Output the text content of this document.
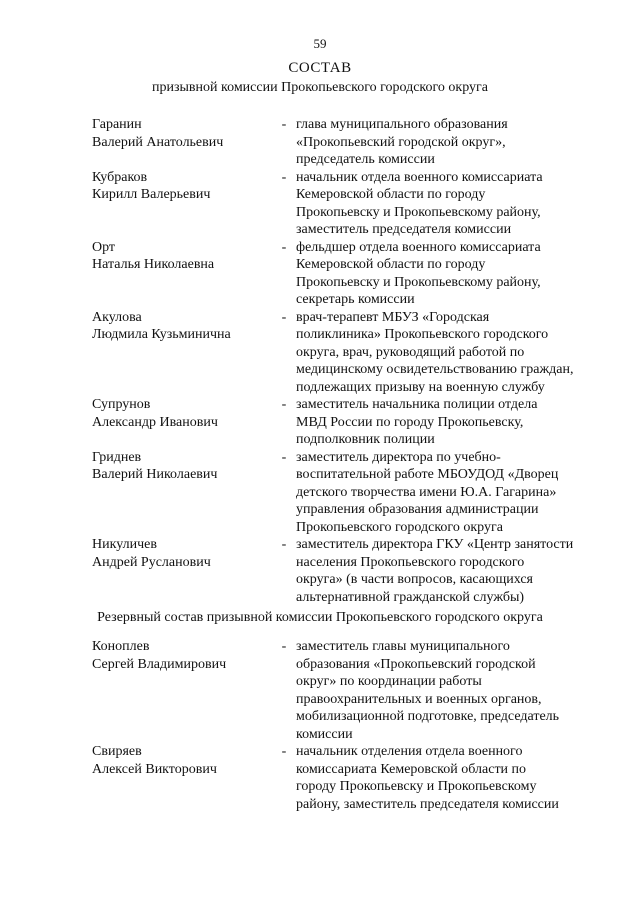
59
СОСТАВ
призывной комиссии Прокопьевского городского округа
Гаранин
Валерий Анатольевич
- глава муниципального образования
«Прокопьевский городской округ»,
председатель комиссии
Кубраков
Кирилл Валерьевич
- начальник отдела военного комиссариата
Кемеровской области по городу
Прокопьевску и Прокопьевскому району,
заместитель председателя комиссии
Орт
Наталья Николаевна
- фельдшер отдела военного комиссариата
Кемеровской области по городу
Прокопьевску и Прокопьевскому району,
секретарь комиссии
Акулова
Людмила Кузьминична
- врач-терапевт МБУЗ «Городская
поликлиника» Прокопьевского городского
округа, врач, руководящий работой по
медицинскому освидетельствованию граждан,
подлежащих призыву на военную службу
Супрунов
Александр Иванович
- заместитель начальника полиции отдела
МВД России по городу Прокопьевску,
подполковник полиции
Гриднев
Валерий Николаевич
- заместитель директора по учебно-
воспитательной работе МБОУДОД «Дворец
детского творчества имени Ю.А. Гагарина»
управления образования администрации
Прокопьевского городского округа
Никуличев
Андрей Русланович
- заместитель директора ГКУ «Центр занятости
населения Прокопьевского городского
округа» (в части вопросов, касающихся
альтернативной гражданской службы)
Резервный состав призывной комиссии Прокопьевского городского округа
Коноплев
Сергей Владимирович
- заместитель главы муниципального
образования «Прокопьевский городской
округ» по координации работы
правоохранительных и военных органов,
мобилизационной подготовке, председатель
комиссии
Свиряев
Алексей Викторович
- начальник отделения отдела военного
комиссариата Кемеровской области по
городу Прокопьевску и Прокопьевскому
району, заместитель председателя комиссии
